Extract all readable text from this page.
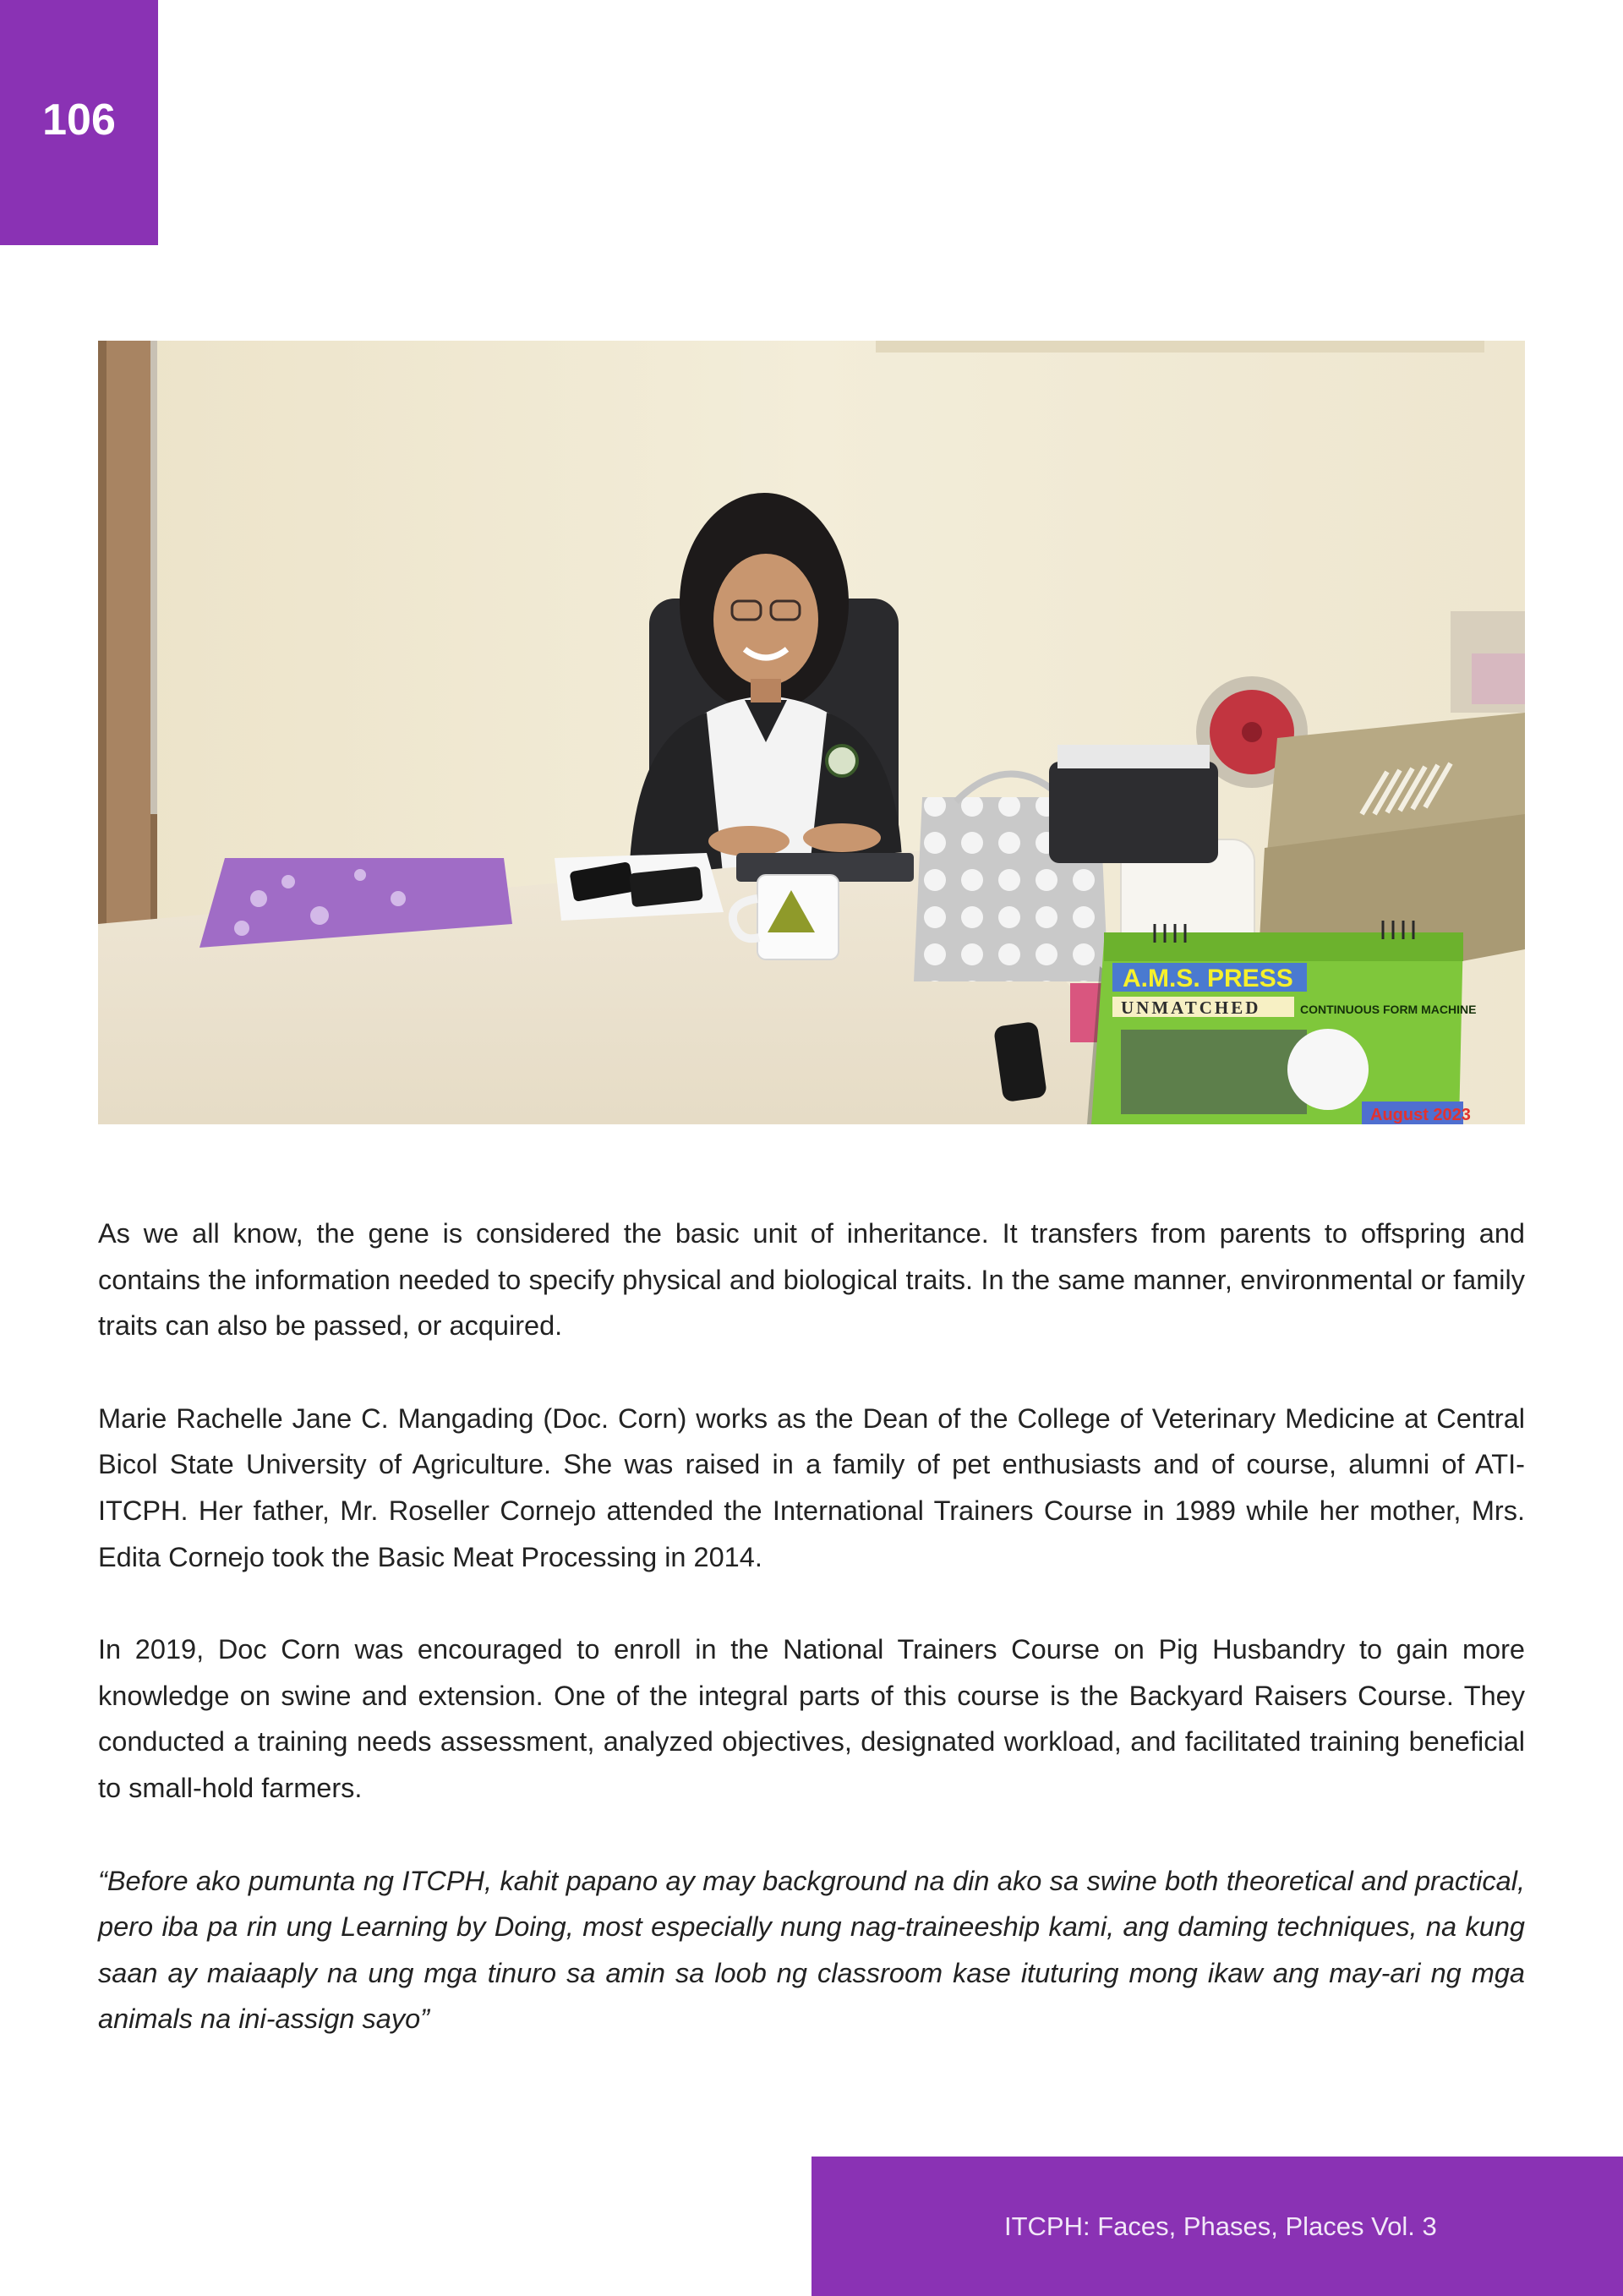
106
A.M.S. PRESS
UNMATCHED	CONTINUOUS FORM MACHINE
August 2023

As we all know, the gene is considered the basic unit of inheritance. It transfers from parents to offspring and contains the information needed to specify physical and biological traits. In the same manner, environmental or family traits can also be passed, or acquired.

Marie Rachelle Jane C. Mangading (Doc. Corn) works as the Dean of the College of Veterinary Medicine at Central Bicol State University of Agriculture. She was raised in a family of pet enthusiasts and of course, alumni of ATI-ITCPH. Her father, Mr. Roseller Cornejo attended the International Trainers Course in 1989 while her mother, Mrs. Edita Cornejo took the Basic Meat Processing in 2014.

In 2019, Doc Corn was encouraged to enroll in the National Trainers Course on Pig Husbandry to gain more knowledge on swine and extension. One of the integral parts of this course is the Backyard Raisers Course. They conducted a training needs assessment, analyzed objectives, designated workload, and facilitated training beneficial to small-hold farmers.

“Before ako pumunta ng ITCPH, kahit papano ay may background na din ako sa swine both theoretical and practical, pero iba pa rin ung Learning by Doing, most especially nung nag-traineeship kami, ang daming techniques, na kung saan ay maiaaply na ung mga tinuro sa amin sa loob ng classroom kase ituturing mong ikaw ang may-ari ng mga animals na ini-assign sayo”

ITCPH: Faces, Phases, Places Vol. 3
